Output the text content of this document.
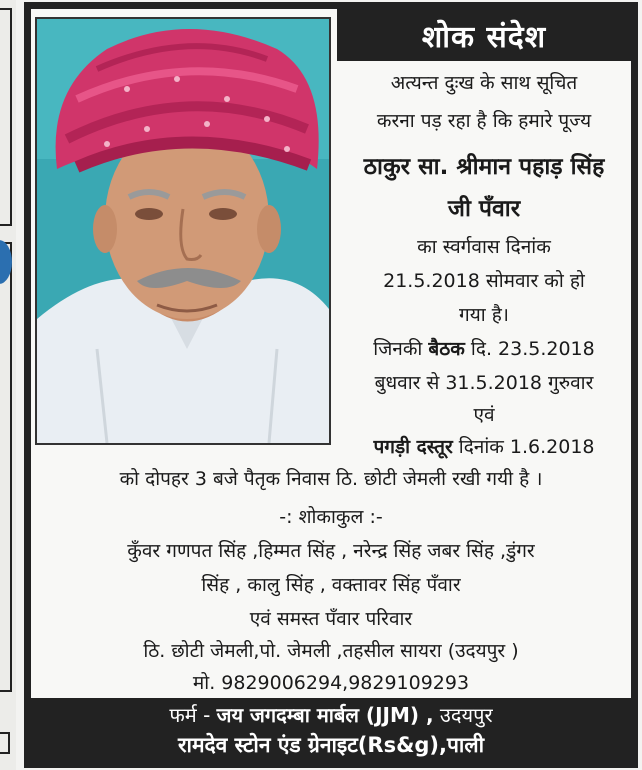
शोक संदेश
अत्यन्त दुःख के साथ सूचित
करना पड़ रहा है कि हमारे पूज्य
ठाकुर सा. श्रीमान पहाड़ सिंह
जी पँवार
का स्वर्गवास दिनांक
21.5.2018 सोमवार को हो
गया है।
जिनकी बैठक दि. 23.5.2018
बुधवार से 31.5.2018 गुरुवार
एवं
पगड़ी दस्तूर दिनांक 1.6.2018
को दोपहर 3 बजे पैतृक निवास ठि. छोटी जेमली रखी गयी है ।
-: शोकाकुल :-
कुँवर गणपत सिंह ,हिम्मत सिंह , नरेन्द्र सिंह जबर सिंह ,डुंगर
सिंह , कालु सिंह , वक्तावर सिंह पँवार
एवं समस्त पँवार परिवार
ठि. छोटी जेमली,पो. जेमली ,तहसील सायरा (उदयपुर )
मो. 9829006294,9829109293
फर्म - जय जगदम्बा मार्बल (JJM) , उदयपुर
रामदेव स्टोन एंड ग्रेनाइट(Rs&g),पाली
